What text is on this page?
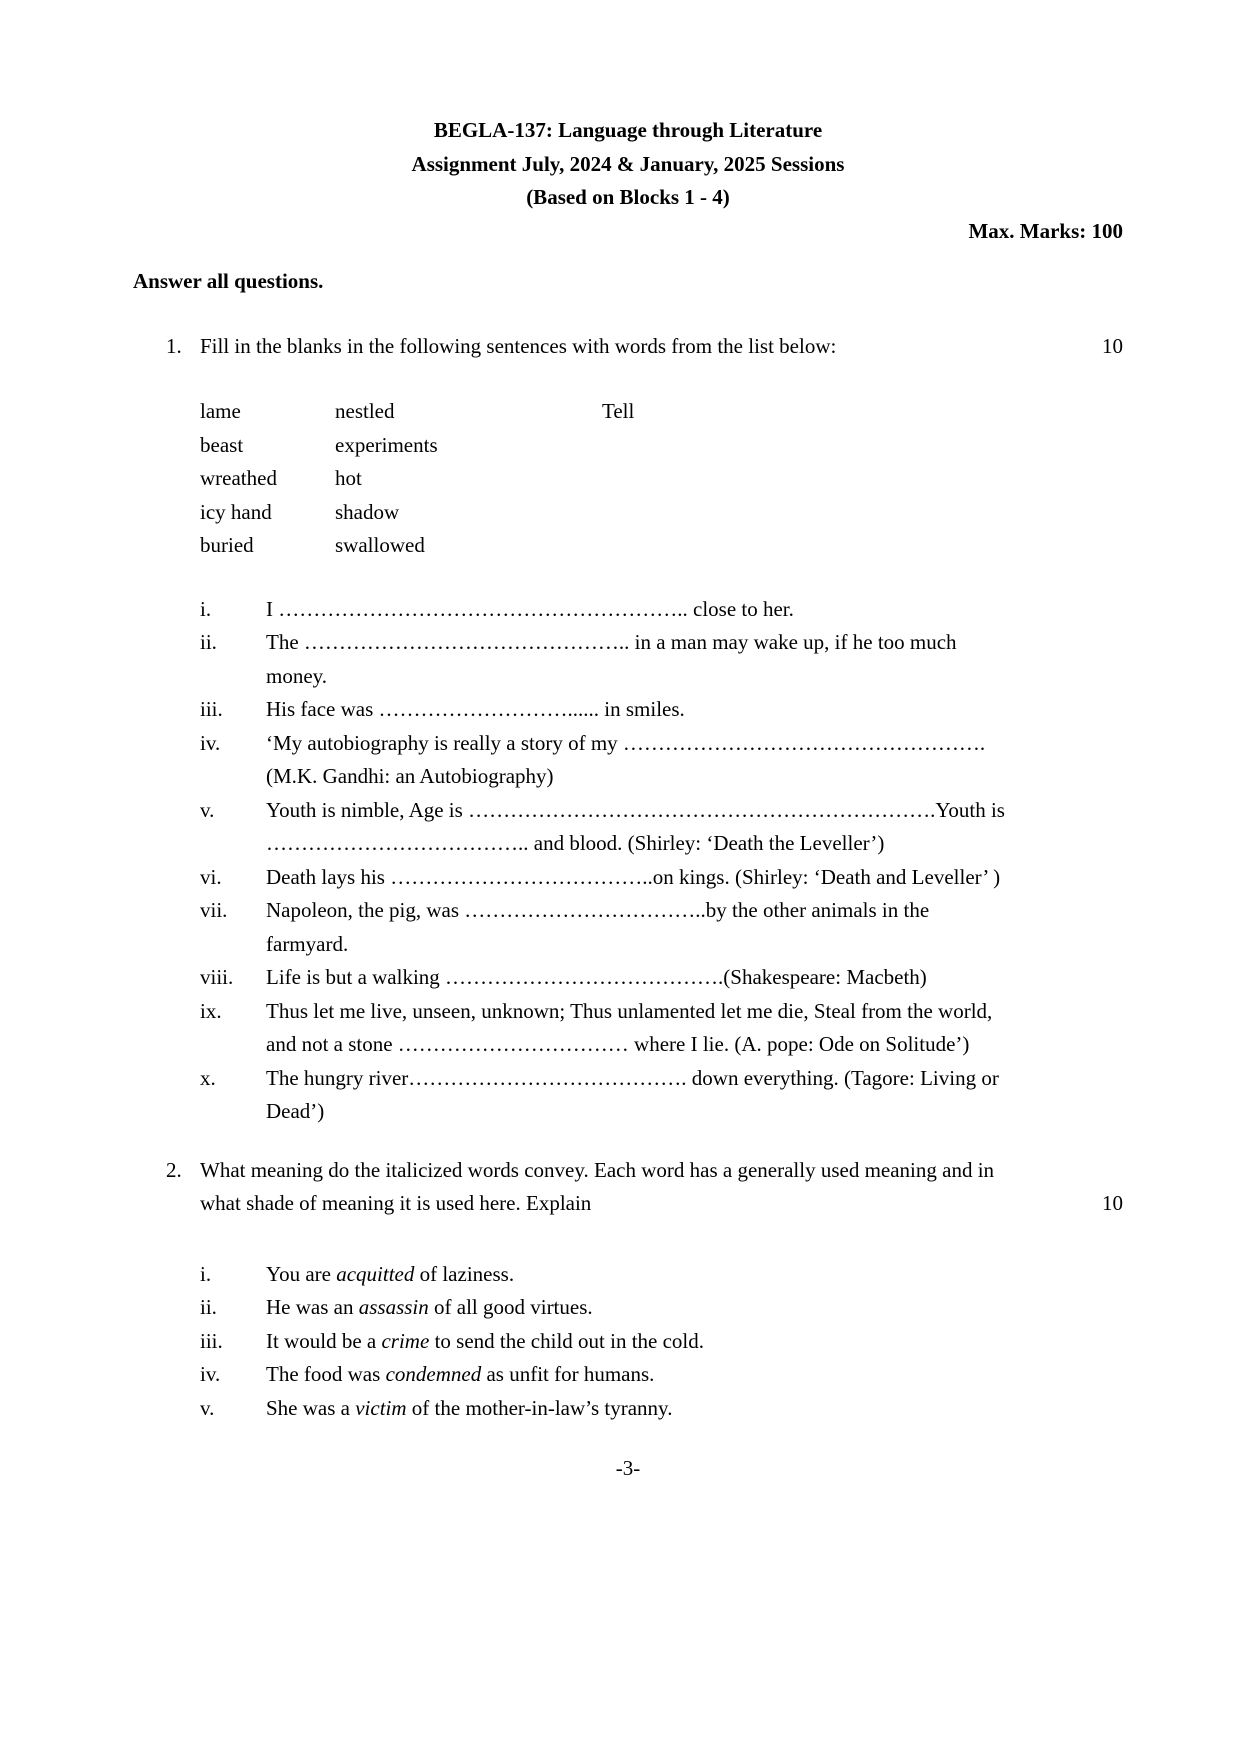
BEGLA-137: Language through Literature
Assignment July, 2024 & January, 2025 Sessions
(Based on Blocks 1 - 4)
Max. Marks: 100
Answer all questions.
1. Fill in the blanks in the following sentences with words from the list below:	10
lame	nestled	Tell
beast	experiments
wreathed	hot
icy hand	shadow
buried	swallowed
i.	I ………………………………………………….. close to her.
ii.	The ……………………………………….. in a man may wake up, if he too much money.
iii.	His face was ………………………...... in smiles.
iv.	‘My autobiography is really a story of my ……………………………………………. (M.K. Gandhi: an Autobiography)
v.	Youth is nimble, Age is ………………………………………………………….Youth is ……………………………….. and blood. (Shirley: ‘Death the Leveller’)
vi.	Death lays his ………………………………..on kings. (Shirley: ‘Death and Leveller’ )
vii.	Napoleon, the pig, was ……………………………..by the other animals in the farmyard.
viii.	Life is but a walking ………………………………….(Shakespeare: Macbeth)
ix.	Thus let me live, unseen, unknown; Thus unlamented let me die, Steal from the world, and not a stone …………………………… where I lie. (A. pope: Ode on Solitude’)
x.	The hungry river…………………………………. down everything. (Tagore: Living or Dead’)
2. What meaning do the italicized words convey. Each word has a generally used meaning and in what shade of meaning it is used here. Explain	10
i.	You are acquitted of laziness.
ii.	He was an assassin of all good virtues.
iii.	It would be a crime to send the child out in the cold.
iv.	The food was condemned as unfit for humans.
v.	She was a victim of the mother-in-law’s tyranny.
-3-
